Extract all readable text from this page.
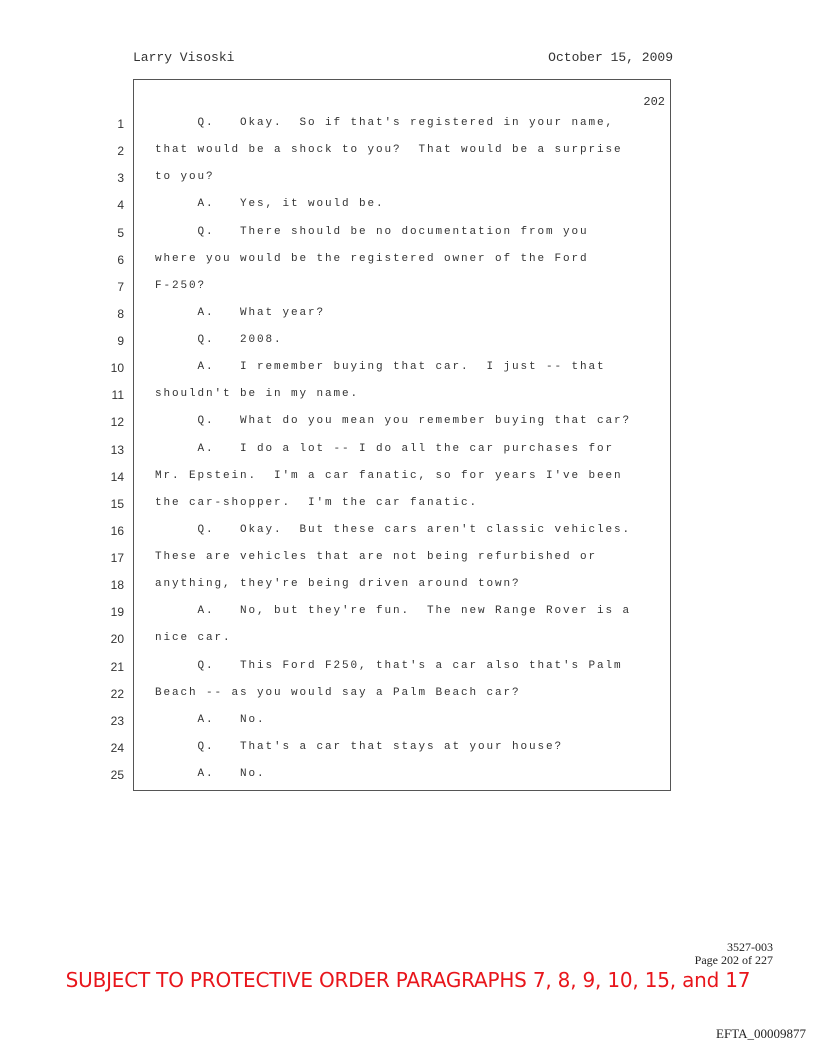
Larry Visoski	October 15, 2009
202
1	Q.   Okay.  So if that's registered in your name,
2	that would be a shock to you?  That would be a surprise
3	to you?
4	A.   Yes, it would be.
5	Q.   There should be no documentation from you
6	where you would be the registered owner of the Ford
7	F-250?
8	A.   What year?
9	Q.   2008.
10	A.   I remember buying that car.  I just -- that
11	shouldn't be in my name.
12	Q.   What do you mean you remember buying that car?
13	A.   I do a lot -- I do all the car purchases for
14	Mr. Epstein.  I'm a car fanatic, so for years I've been
15	the car-shopper.  I'm the car fanatic.
16	Q.   Okay.  But these cars aren't classic vehicles.
17	These are vehicles that are not being refurbished or
18	anything, they're being driven around town?
19	A.   No, but they're fun.  The new Range Rover is a
20	nice car.
21	Q.   This Ford F250, that's a car also that's Palm
22	Beach -- as you would say a Palm Beach car?
23	A.   No.
24	Q.   That's a car that stays at your house?
25	A.   No.
3527-003
Page 202 of 227
SUBJECT TO PROTECTIVE ORDER PARAGRAPHS 7, 8, 9, 10, 15, and 17
EFTA_00009877
